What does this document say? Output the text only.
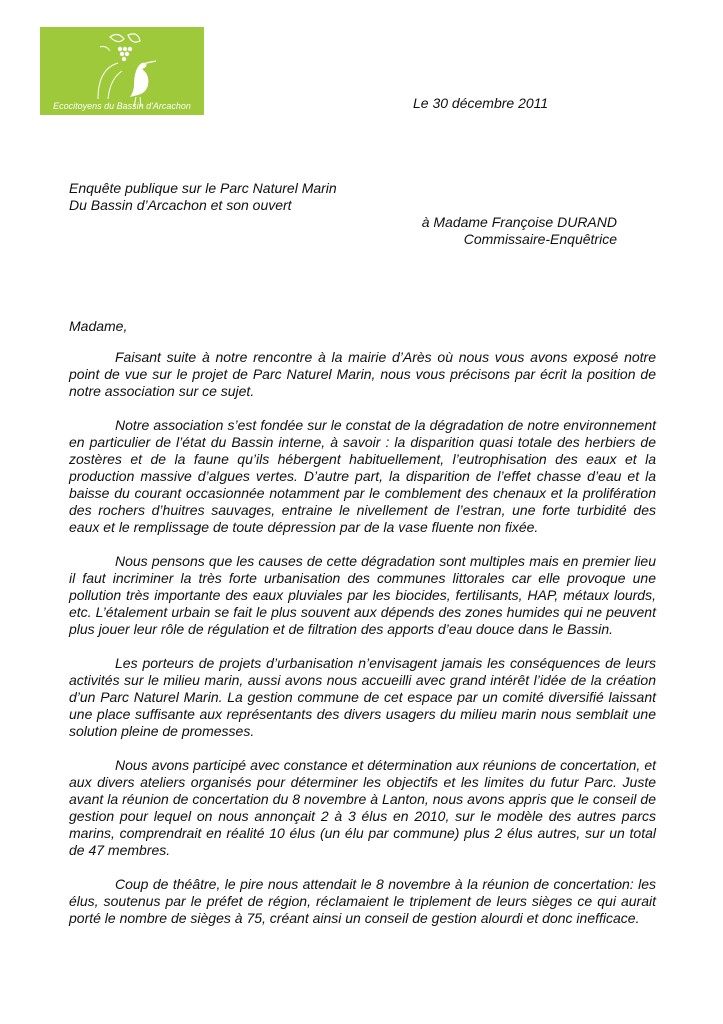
Ecocitoyens du Bassin d'Arcachon	Le 30 décembre 2011
Enquête publique sur le Parc Naturel Marin
Du Bassin d’Arcachon et son ouvert
à Madame Françoise DURAND
Commissaire-Enquêtrice
Madame,

Faisant suite à notre rencontre à la mairie d’Arès où nous vous avons exposé notre point de vue sur le projet de Parc Naturel Marin, nous vous précisons par écrit la position de notre association sur ce sujet.

Notre association s’est fondée sur le constat de la dégradation de notre environnement en particulier de l’état du Bassin interne, à savoir : la disparition quasi totale des herbiers de zostères et de la faune qu’ils hébergent habituellement, l’eutrophisation des eaux et la production massive d’algues vertes. D’autre part, la disparition de l’effet chasse d’eau et la baisse du courant occasionnée notamment par le comblement des chenaux et la prolifération des rochers d’huitres sauvages, entraine le nivellement de l’estran, une forte turbidité des eaux et le remplissage de toute dépression par de la vase fluente non fixée.

Nous pensons que les causes de cette dégradation sont multiples mais en premier lieu il faut incriminer la très forte urbanisation des communes littorales car elle provoque une pollution très importante des eaux pluviales par les biocides, fertilisants, HAP, métaux lourds, etc. L’étalement urbain se fait le plus souvent aux dépends des zones humides qui ne peuvent plus jouer leur rôle de régulation et de filtration des apports d’eau douce dans le Bassin.

Les porteurs de projets d’urbanisation n’envisagent jamais les conséquences de leurs activités sur le milieu marin, aussi avons nous accueilli avec grand intérêt l’idée de la création d’un Parc Naturel Marin. La gestion commune de cet espace par un comité diversifié laissant une place suffisante aux représentants des divers usagers du milieu marin nous semblait une solution pleine de promesses.

Nous avons participé avec constance et détermination aux réunions de concertation, et aux divers ateliers organisés pour déterminer les objectifs et les limites du futur Parc. Juste avant la réunion de concertation du 8 novembre à Lanton, nous avons appris que le conseil de gestion pour lequel on nous annonçait 2 à 3 élus en 2010, sur le modèle des autres parcs marins, comprendrait en réalité 10 élus (un élu par commune) plus 2 élus autres, sur un total de 47 membres.

Coup de théâtre, le pire nous attendait le 8 novembre à la réunion de concertation: les élus, soutenus par le préfet de région, réclamaient le triplement de leurs sièges ce qui aurait porté le nombre de sièges à 75, créant ainsi un conseil de gestion alourdi et donc inefficace.
